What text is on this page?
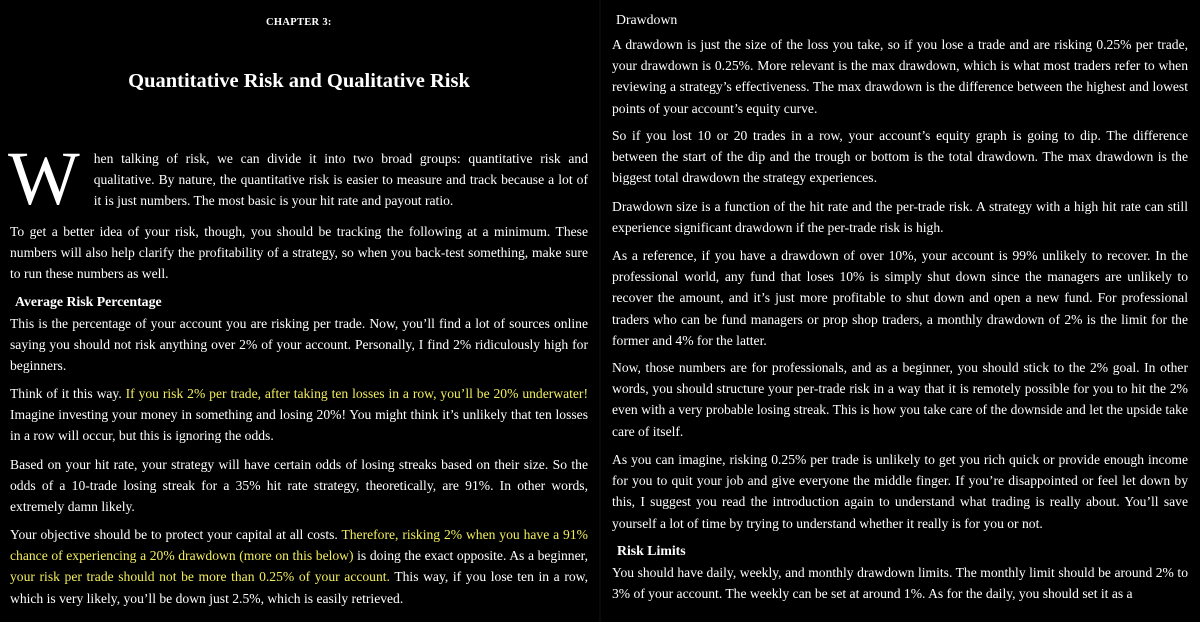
CHAPTER 3:
Quantitative Risk and Qualitative Risk
W	hen talking of risk, we can divide it into two broad groups: quantitative risk and qualitative. By nature, the quantitative risk is easier to measure and track because a lot of it is just numbers. The most basic is your hit rate and payout ratio.

To get a better idea of your risk, though, you should be tracking the following at a minimum. These numbers will also help clarify the profitability of a strategy, so when you back-test something, make sure to run these numbers as well.

Average Risk Percentage

This is the percentage of your account you are risking per trade. Now, you’ll find a lot of sources online saying you should not risk anything over 2% of your account. Personally, I find 2% ridiculously high for beginners.

Think of it this way. If you risk 2% per trade, after taking ten losses in a row, you’ll be 20% underwater! Imagine investing your money in something and losing 20%! You might think it’s unlikely that ten losses in a row will occur, but this is ignoring the odds.

Based on your hit rate, your strategy will have certain odds of losing streaks based on their size. So the odds of a 10-trade losing streak for a 35% hit rate strategy, theoretically, are 91%. In other words, extremely damn likely.

Your objective should be to protect your capital at all costs. Therefore, risking 2% when you have a 91% chance of experiencing a 20% drawdown (more on this below) is doing the exact opposite. As a beginner, your risk per trade should not be more than 0.25% of your account. This way, if you lose ten in a row, which is very likely, you’ll be down just 2.5%, which is easily retrieved.

Drawdown

A drawdown is just the size of the loss you take, so if you lose a trade and are risking 0.25% per trade, your drawdown is 0.25%. More relevant is the max drawdown, which is what most traders refer to when reviewing a strategy’s effectiveness. The max drawdown is the difference between the highest and lowest points of your account’s equity curve.

So if you lost 10 or 20 trades in a row, your account’s equity graph is going to dip. The difference between the start of the dip and the trough or bottom is the total drawdown. The max drawdown is the biggest total drawdown the strategy experiences.

Drawdown size is a function of the hit rate and the per-trade risk. A strategy with a high hit rate can still experience significant drawdown if the per-trade risk is high.

As a reference, if you have a drawdown of over 10%, your account is 99% unlikely to recover. In the professional world, any fund that loses 10% is simply shut down since the managers are unlikely to recover the amount, and it’s just more profitable to shut down and open a new fund. For professional traders who can be fund managers or prop shop traders, a monthly drawdown of 2% is the limit for the former and 4% for the latter.

Now, those numbers are for professionals, and as a beginner, you should stick to the 2% goal. In other words, you should structure your per-trade risk in a way that it is remotely possible for you to hit the 2% even with a very probable losing streak. This is how you take care of the downside and let the upside take care of itself.

As you can imagine, risking 0.25% per trade is unlikely to get you rich quick or provide enough income for you to quit your job and give everyone the middle finger. If you’re disappointed or feel let down by this, I suggest you read the introduction again to understand what trading is really about. You’ll save yourself a lot of time by trying to understand whether it really is for you or not.

Risk Limits

You should have daily, weekly, and monthly drawdown limits. The monthly limit should be around 2% to 3% of your account. The weekly can be set at around 1%. As for the daily, you should set it as a
